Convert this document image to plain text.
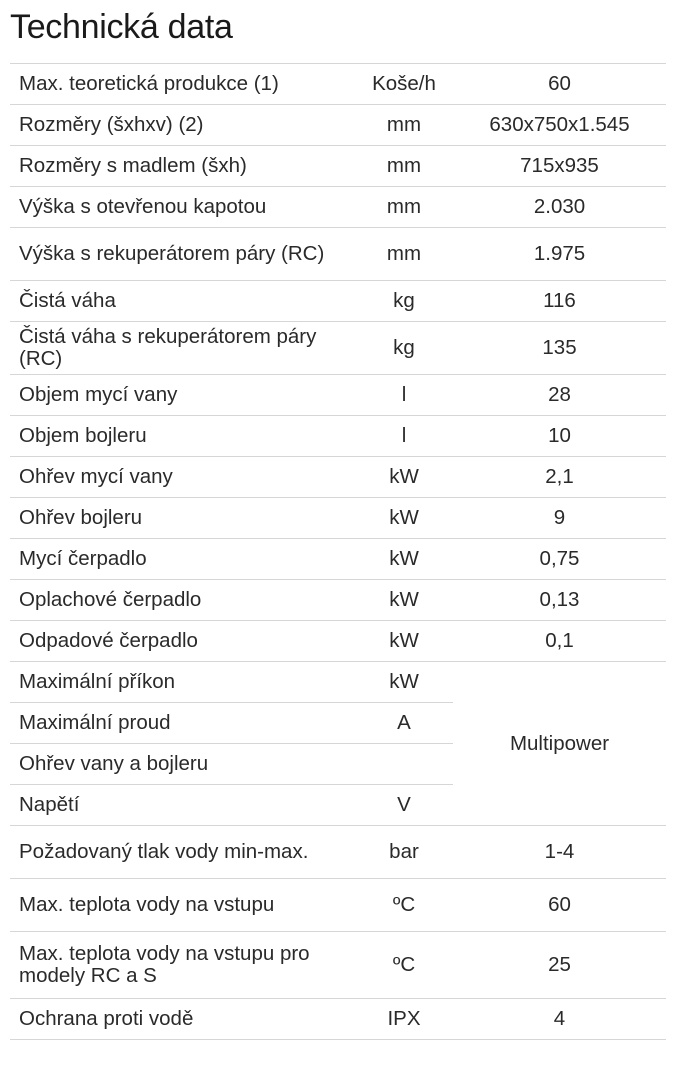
Technická data
Max. teoretická produkce (1)	Koše/h	60
Rozměry (šxhxv) (2)	mm	630x750x1.545
Rozměry s madlem (šxh)	mm	715x935
Výška s otevřenou kapotou	mm	2.030
Výška s rekuperátorem páry (RC)	mm	1.975
Čistá váha	kg	116
Čistá váha s rekuperátorem páry (RC)	kg	135
Objem mycí vany	l	28
Objem bojleru	l	10
Ohřev mycí vany	kW	2,1
Ohřev bojleru	kW	9
Mycí čerpadlo	kW	0,75
Oplachové čerpadlo	kW	0,13
Odpadové čerpadlo	kW	0,1
Maximální příkon	kW	Multipower
Maximální proud	A	
Ohřev vany a bojleru		
Napětí	V	
Požadovaný tlak vody min-max.	bar	1-4
Max. teplota vody na vstupu	ºC	60
Max. teplota vody na vstupu pro modely RC a S	ºC	25
Ochrana proti vodě	IPX	4
